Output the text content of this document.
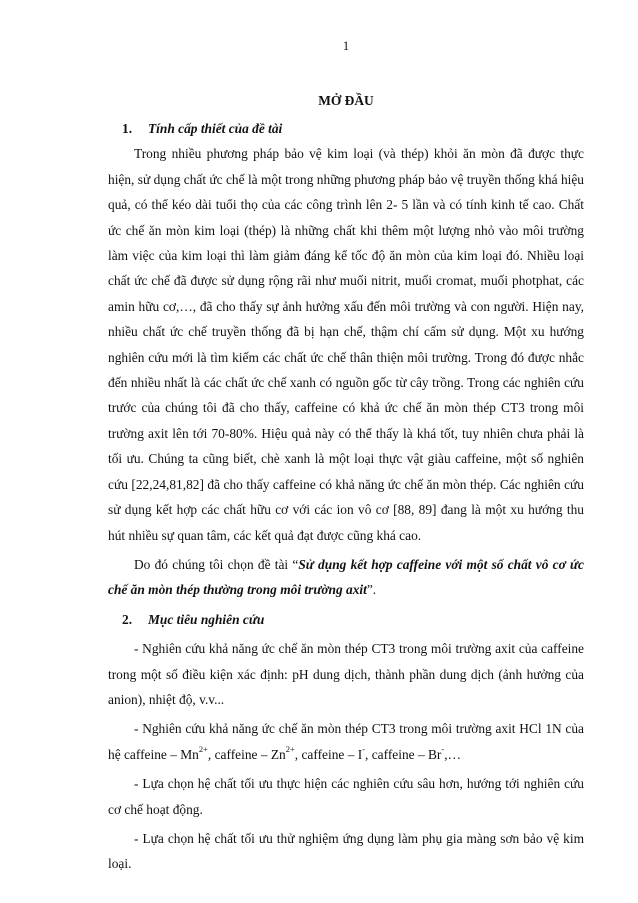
1
MỞ ĐẦU
1. Tính cấp thiết của đề tài

Trong nhiều phương pháp bảo vệ kim loại (và thép) khỏi ăn mòn đã được thực hiện, sử dụng chất ức chế là một trong những phương pháp bảo vệ truyền thống khá hiệu quả, có thể kéo dài tuổi thọ của các công trình lên 2- 5 lần và có tính kinh tế cao. Chất ức chế ăn mòn kim loại (thép) là những chất khi thêm một lượng nhỏ vào môi trường làm việc của kim loại thì làm giảm đáng kể tốc độ ăn mòn của kim loại đó. Nhiều loại chất ức chế đã được sử dụng rộng rãi như muối nitrit, muối cromat, muối photphat, các amin hữu cơ,…, đã cho thấy sự ảnh hưởng xấu đến môi trường và con người. Hiện nay, nhiều chất ức chế truyền thống đã bị hạn chế, thậm chí cấm sử dụng. Một xu hướng nghiên cứu mới là tìm kiếm các chất ức chế thân thiện môi trường. Trong đó được nhắc đến nhiều nhất là các chất ức chế xanh có nguồn gốc từ cây trồng. Trong các nghiên cứu trước của chúng tôi đã cho thấy, caffeine có khả ức chế ăn mòn thép CT3 trong môi trường axit lên tới 70-80%. Hiệu quả này có thể thấy là khá tốt, tuy nhiên chưa phải là tối ưu. Chúng ta cũng biết, chè xanh là một loại thực vật giàu caffeine, một số nghiên cứu [22,24,81,82] đã cho thấy caffeine có khả năng ức chế ăn mòn thép. Các nghiên cứu sử dụng kết hợp các chất hữu cơ với các ion vô cơ [88, 89] đang là một xu hướng thu hút nhiều sự quan tâm, các kết quả đạt được cũng khá cao.

Do đó chúng tôi chọn đề tài “Sử dụng kết hợp caffeine với một số chất vô cơ ức chế ăn mòn thép thường trong môi trường axit”.

2. Mục tiêu nghiên cứu

- Nghiên cứu khả năng ức chế ăn mòn thép CT3 trong môi trường axit của caffeine trong một số điều kiện xác định: pH dung dịch, thành phần dung dịch (ảnh hưởng của anion), nhiệt độ, v.v...

- Nghiên cứu khả năng ức chế ăn mòn thép CT3 trong môi trường axit HCl 1N của hệ caffeine – $Mn^{2+}$, caffeine – $Zn^{2+}$, caffeine – I-, caffeine – Br-,…

- Lựa chọn hệ chất tối ưu thực hiện các nghiên cứu sâu hơn, hướng tới nghiên cứu cơ chế hoạt động.

- Lựa chọn hệ chất tối ưu thử nghiệm ứng dụng làm phụ gia màng sơn bảo vệ kim loại.
